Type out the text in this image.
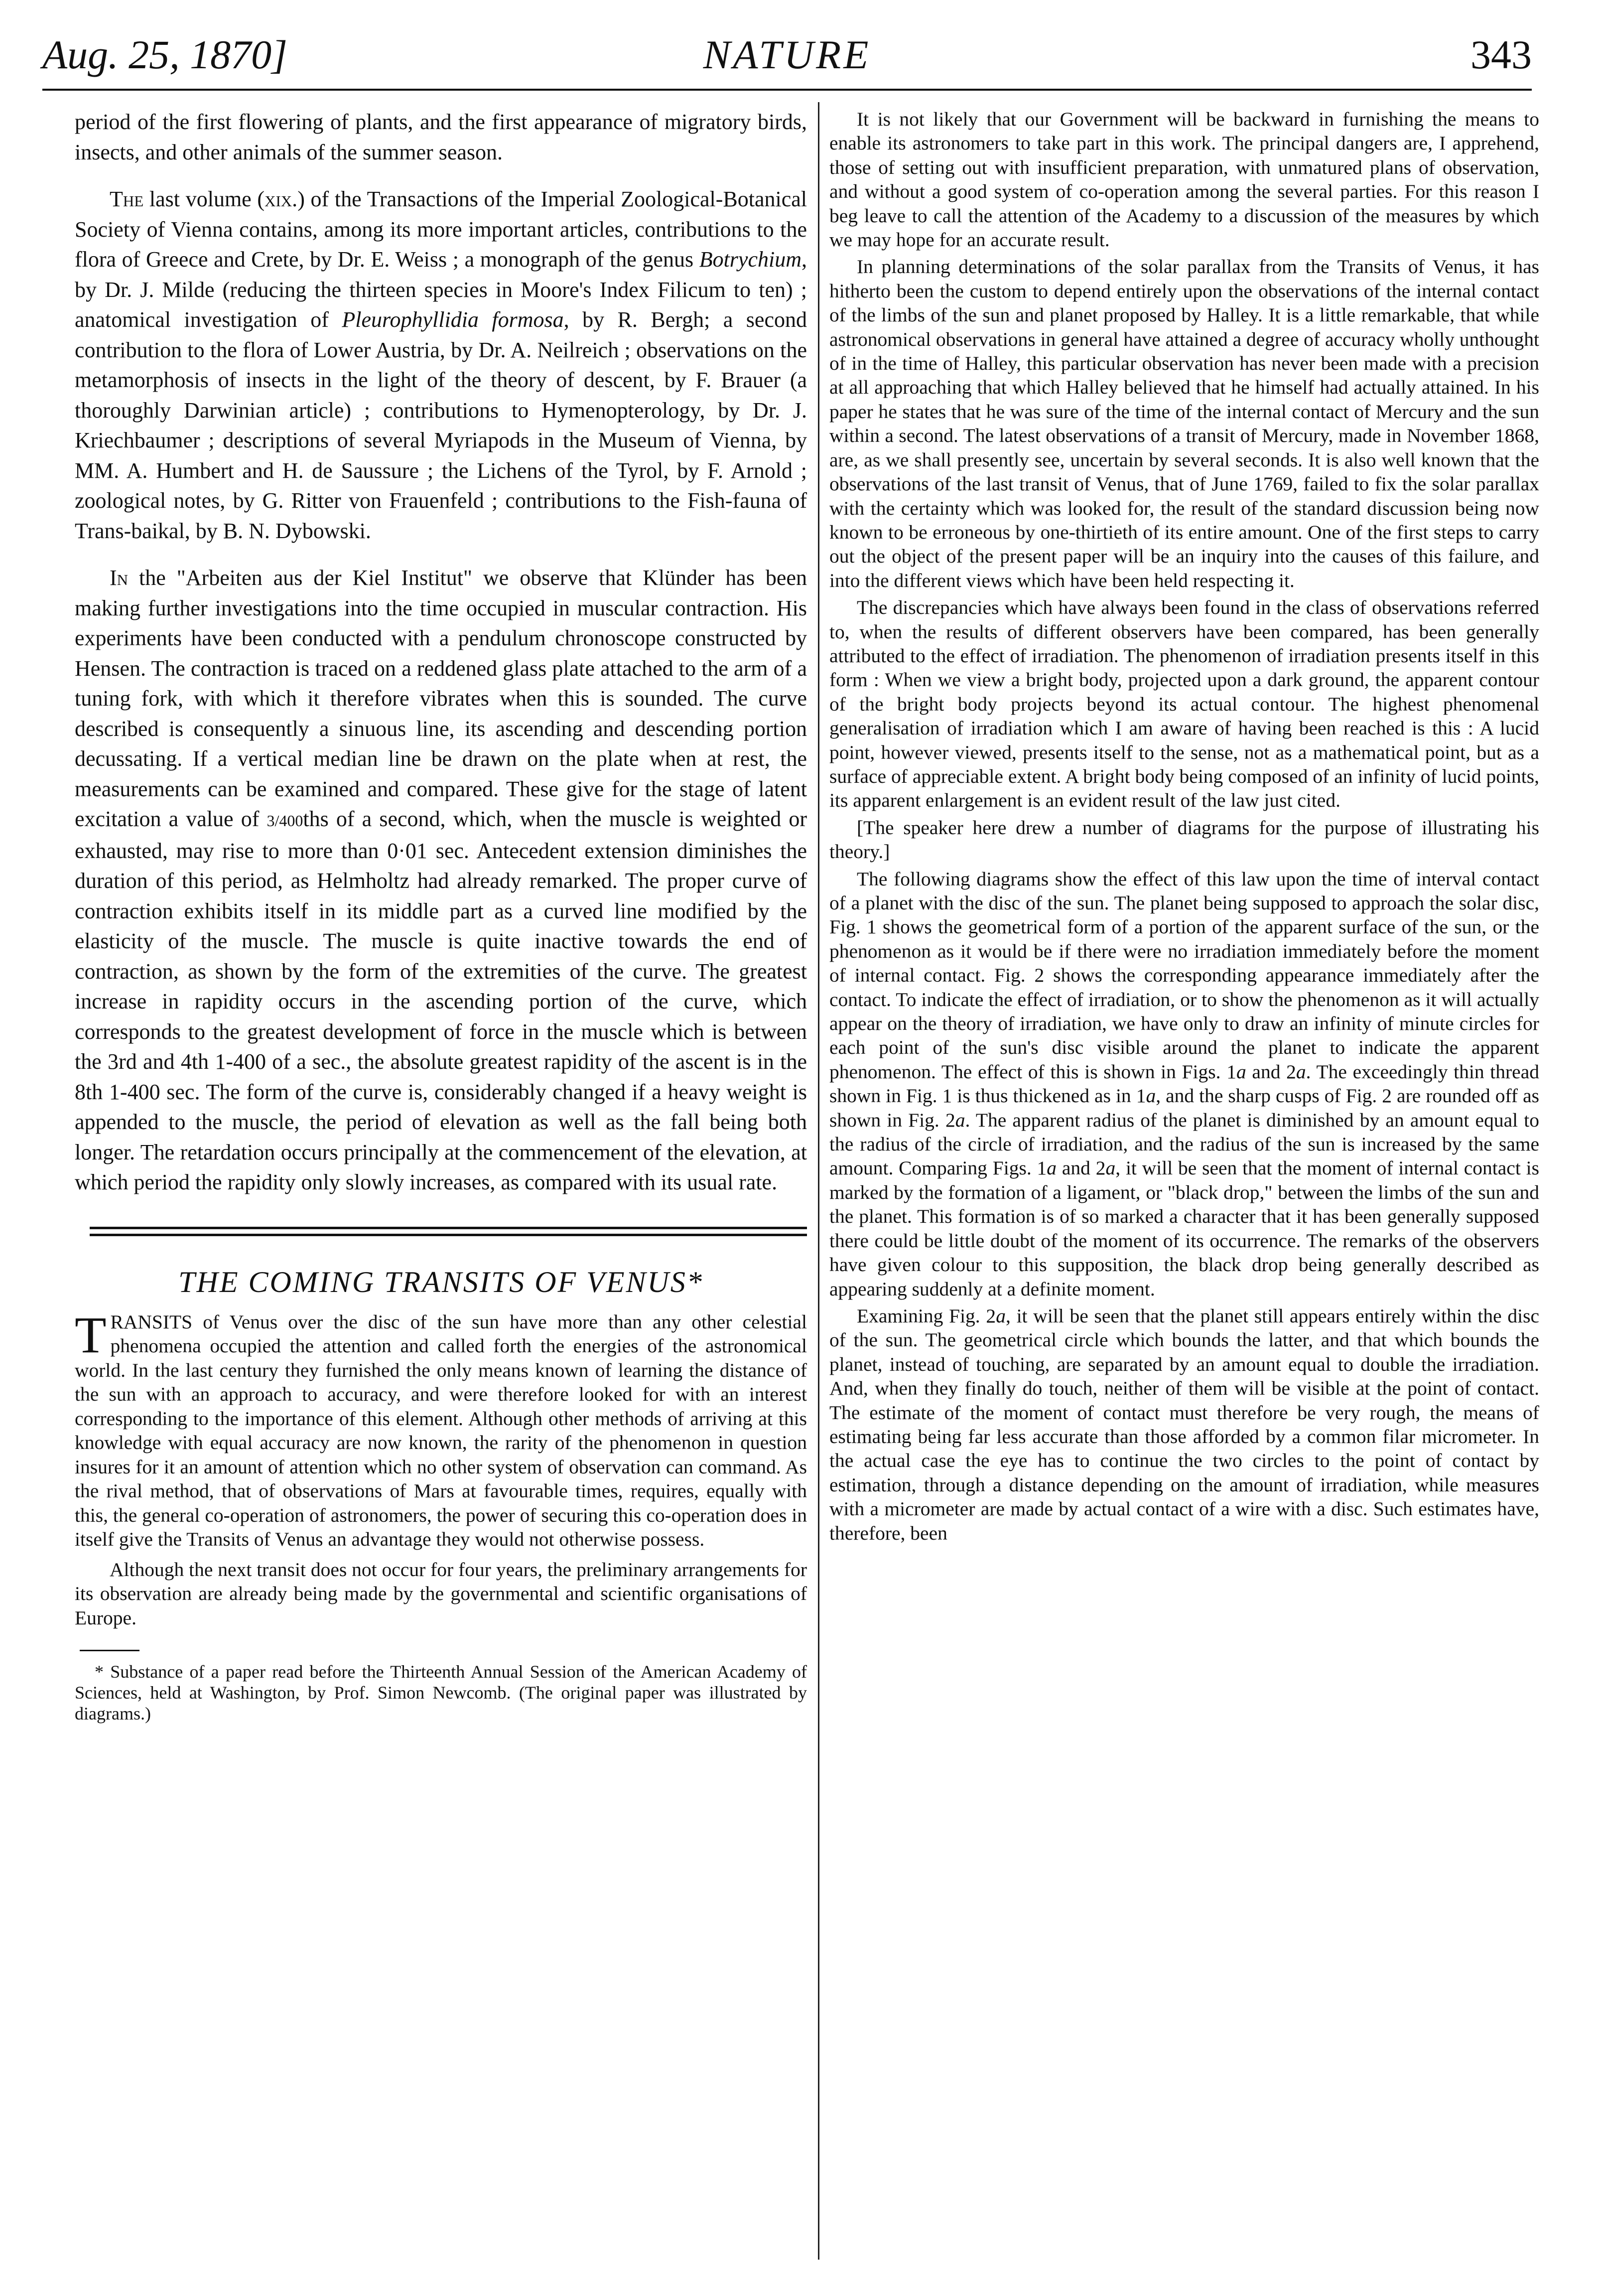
Aug. 25, 1870]	NATURE	343

period of the first flowering of plants, and the first appearance of migratory birds, insects, and other animals of the summer season.

The last volume (xix.) of the Transactions of the Imperial Zoological-Botanical Society of Vienna contains, among its more important articles, contributions to the flora of Greece and Crete, by Dr. E. Weiss ; a monograph of the genus Botrychium, by Dr. J. Milde (reducing the thirteen species in Moore's Index Filicum to ten) ; anatomical investigation of Pleurophyllidia formosa, by R. Bergh; a second contribution to the flora of Lower Austria, by Dr. A. Neilreich ; observations on the metamorphosis of insects in the light of the theory of descent, by F. Brauer (a thoroughly Darwinian article) ; contributions to Hymenopterology, by Dr. J. Kriechbaumer ; descriptions of several Myriapods in the Museum of Vienna, by MM. A. Humbert and H. de Saussure ; the Lichens of the Tyrol, by F. Arnold ; zoological notes, by G. Ritter von Frauenfeld ; contributions to the Fish-fauna of Trans-baikal, by B. N. Dybowski.

In the "Arbeiten aus der Kiel Institut" we observe that Klünder has been making further investigations into the time occupied in muscular contraction. His experiments have been conducted with a pendulum chronoscope constructed by Hensen. The contraction is traced on a reddened glass plate attached to the arm of a tuning fork, with which it therefore vibrates when this is sounded. The curve described is consequently a sinuous line, its ascending and descending portion decussating. If a vertical median line be drawn on the plate when at rest, the measurements can be examined and compared. These give for the stage of latent excitation a value of 3/400ths of a second, which, when the muscle is weighted or exhausted, may rise to more than 0·01 sec. Antecedent extension diminishes the duration of this period, as Helmholtz had already remarked. The proper curve of contraction exhibits itself in its middle part as a curved line modified by the elasticity of the muscle. The muscle is quite inactive towards the end of contraction, as shown by the form of the extremities of the curve. The greatest increase in rapidity occurs in the ascending portion of the curve, which corresponds to the greatest development of force in the muscle which is between the 3rd and 4th 1-400 of a sec., the absolute greatest rapidity of the ascent is in the 8th 1-400 sec. The form of the curve is, considerably changed if a heavy weight is appended to the muscle, the period of elevation as well as the fall being both longer. The retardation occurs principally at the commencement of the elevation, at which period the rapidity only slowly increases, as compared with its usual rate.

THE COMING TRANSITS OF VENUS*

TRANSITS of Venus over the disc of the sun have more than any other celestial phenomena occupied the attention and called forth the energies of the astronomical world. In the last century they furnished the only means known of learning the distance of the sun with an approach to accuracy, and were therefore looked for with an interest corresponding to the importance of this element. Although other methods of arriving at this knowledge with equal accuracy are now known, the rarity of the phenomenon in question insures for it an amount of attention which no other system of observation can command. As the rival method, that of observations of Mars at favourable times, requires, equally with this, the general co-operation of astronomers, the power of securing this co-operation does in itself give the Transits of Venus an advantage they would not otherwise possess.

Although the next transit does not occur for four years, the preliminary arrangements for its observation are already being made by the governmental and scientific organisations of Europe.

* Substance of a paper read before the Thirteenth Annual Session of the American Academy of Sciences, held at Washington, by Prof. Simon Newcomb. (The original paper was illustrated by diagrams.)

It is not likely that our Government will be backward in furnishing the means to enable its astronomers to take part in this work. The principal dangers are, I apprehend, those of setting out with insufficient preparation, with unmatured plans of observation, and without a good system of co-operation among the several parties. For this reason I beg leave to call the attention of the Academy to a discussion of the measures by which we may hope for an accurate result.

In planning determinations of the solar parallax from the Transits of Venus, it has hitherto been the custom to depend entirely upon the observations of the internal contact of the limbs of the sun and planet proposed by Halley. It is a little remarkable, that while astronomical observations in general have attained a degree of accuracy wholly unthought of in the time of Halley, this particular observation has never been made with a precision at all approaching that which Halley believed that he himself had actually attained. In his paper he states that he was sure of the time of the internal contact of Mercury and the sun within a second. The latest observations of a transit of Mercury, made in November 1868, are, as we shall presently see, uncertain by several seconds. It is also well known that the observations of the last transit of Venus, that of June 1769, failed to fix the solar parallax with the certainty which was looked for, the result of the standard discussion being now known to be erroneous by one-thirtieth of its entire amount. One of the first steps to carry out the object of the present paper will be an inquiry into the causes of this failure, and into the different views which have been held respecting it.

The discrepancies which have always been found in the class of observations referred to, when the results of different observers have been compared, has been generally attributed to the effect of irradiation. The phenomenon of irradiation presents itself in this form : When we view a bright body, projected upon a dark ground, the apparent contour of the bright body projects beyond its actual contour. The highest phenomenal generalisation of irradiation which I am aware of having been reached is this : A lucid point, however viewed, presents itself to the sense, not as a mathematical point, but as a surface of appreciable extent. A bright body being composed of an infinity of lucid points, its apparent enlargement is an evident result of the law just cited.

[The speaker here drew a number of diagrams for the purpose of illustrating his theory.]

The following diagrams show the effect of this law upon the time of interval contact of a planet with the disc of the sun. The planet being supposed to approach the solar disc, Fig. 1 shows the geometrical form of a portion of the apparent surface of the sun, or the phenomenon as it would be if there were no irradiation immediately before the moment of internal contact. Fig. 2 shows the corresponding appearance immediately after the contact. To indicate the effect of irradiation, or to show the phenomenon as it will actually appear on the theory of irradiation, we have only to draw an infinity of minute circles for each point of the sun's disc visible around the planet to indicate the apparent phenomenon. The effect of this is shown in Figs. 1a and 2a. The exceedingly thin thread shown in Fig. 1 is thus thickened as in 1a, and the sharp cusps of Fig. 2 are rounded off as shown in Fig. 2a. The apparent radius of the planet is diminished by an amount equal to the radius of the circle of irradiation, and the radius of the sun is increased by the same amount. Comparing Figs. 1a and 2a, it will be seen that the moment of internal contact is marked by the formation of a ligament, or "black drop," between the limbs of the sun and the planet. This formation is of so marked a character that it has been generally supposed there could be little doubt of the moment of its occurrence. The remarks of the observers have given colour to this supposition, the black drop being generally described as appearing suddenly at a definite moment.

Examining Fig. 2a, it will be seen that the planet still appears entirely within the disc of the sun. The geometrical circle which bounds the latter, and that which bounds the planet, instead of touching, are separated by an amount equal to double the irradiation. And, when they finally do touch, neither of them will be visible at the point of contact. The estimate of the moment of contact must therefore be very rough, the means of estimating being far less accurate than those afforded by a common filar micrometer. In the actual case the eye has to continue the two circles to the point of contact by estimation, through a distance depending on the amount of irradiation, while measures with a micrometer are made by actual contact of a wire with a disc. Such estimates have, therefore, been
